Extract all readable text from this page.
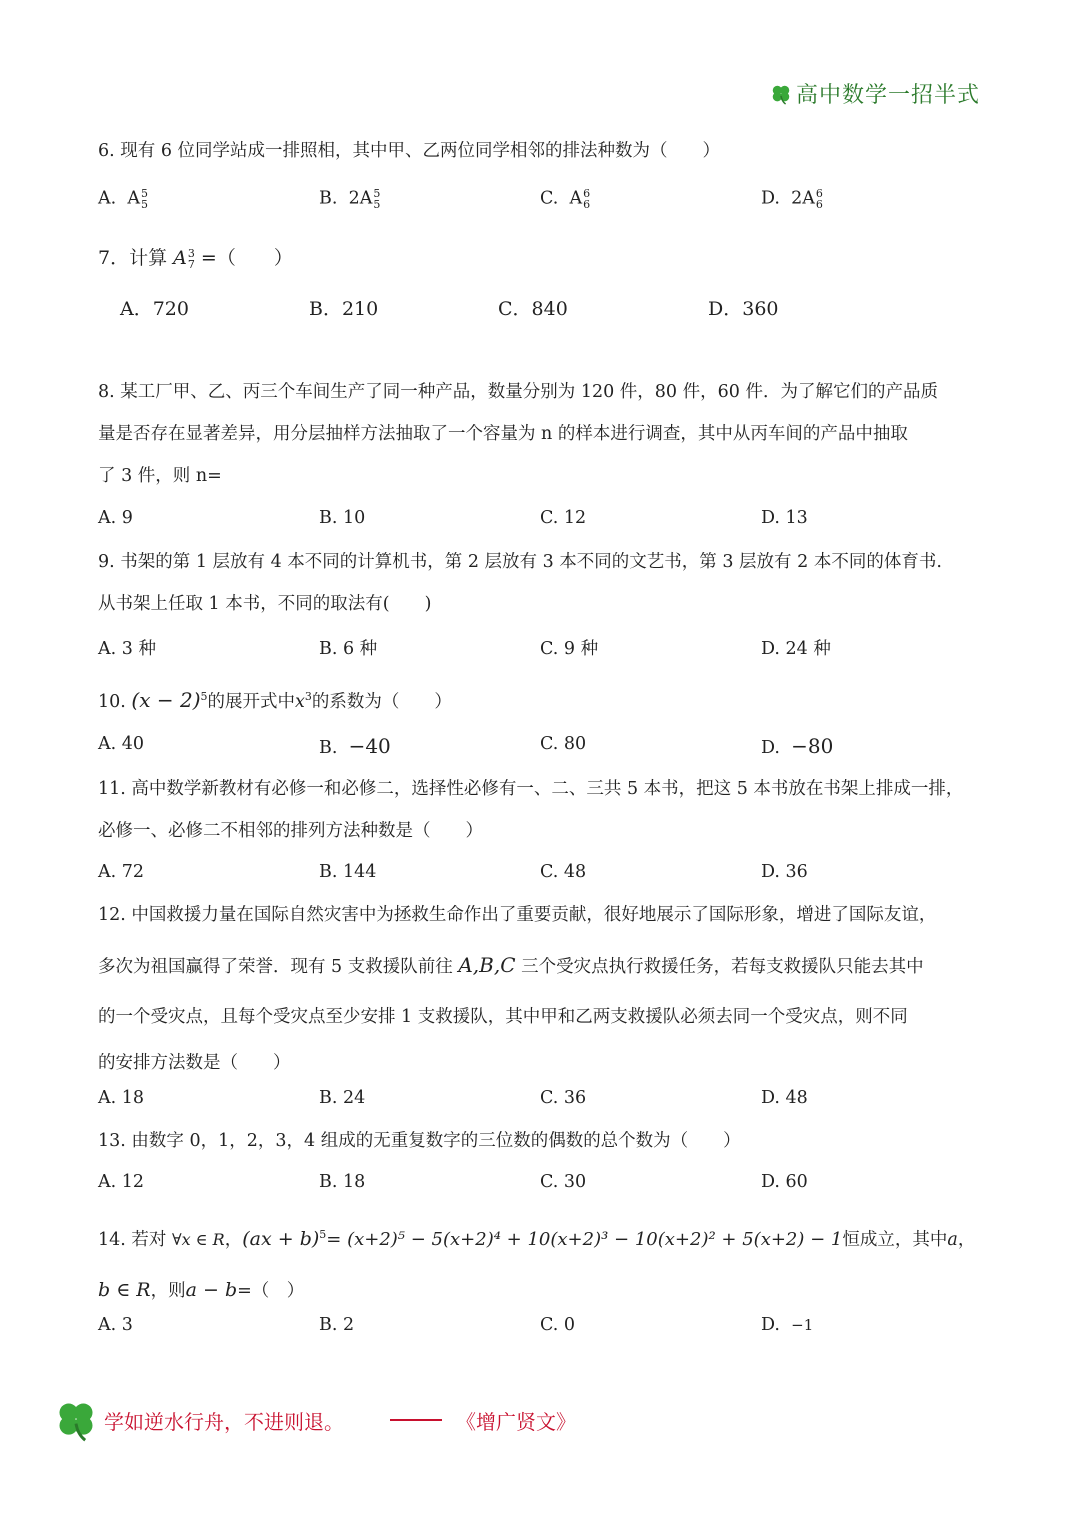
高中数学一招半式
6. 现有 6 位同学站成一排照相，其中甲、乙两位同学相邻的排法种数为（　　）
A. A 5
5	B. 2A 5
5	C. A 6
6	D. 2A 6
6
7．计算 A 3
7 =（　　）
A．720	B．210	C．840	D．360
8. 某工厂甲、乙、丙三个车间生产了同一种产品，数量分别为 120 件，80 件，60 件．为了解它们的产品质
量是否存在显著差异，用分层抽样方法抽取了一个容量为 n 的样本进行调查，其中从丙车间的产品中抽取
了 3 件，则 n=
A. 9	B. 10	C. 12	D. 13
9. 书架的第 1 层放有 4 本不同的计算机书，第 2 层放有 3 本不同的文艺书，第 3 层放有 2 本不同的体育书.
从书架上任取 1 本书，不同的取法有(　　)
A. 3 种	B. 6 种	C. 9 种	D. 24 种
10. $(x - 2)^5$的展开式中$x^3$的系数为（　　）
A. 40	B. −40	C. 80	D. −80
11. 高中数学新教材有必修一和必修二，选择性必修有一、二、三共 5 本书，把这 5 本书放在书架上排成一排，
必修一、必修二不相邻的排列方法种数是（　　）
A. 72	B. 144	C. 48	D. 36
12. 中国救援力量在国际自然灾害中为拯救生命作出了重要贡献，很好地展示了国际形象，增进了国际友谊，
多次为祖国赢得了荣誉．现有 5 支救援队前往 A,B,C 三个受灾点执行救援任务，若每支救援队只能去其中
的一个受灾点，且每个受灾点至少安排 1 支救援队，其中甲和乙两支救援队必须去同一个受灾点，则不同
的安排方法数是（　　）
A. 18	B. 24	C. 36	D. 48
13. 由数字 0，1，2，3，4 组成的无重复数字的三位数的偶数的总个数为（　　）
A. 12	B. 18	C. 30	D. 60
14. 若对 ∀x ∈ R，(ax + b)$^5$= (x+2)⁵ − 5(x+2)⁴ + 10(x+2)³ − 10(x+2)² + 5(x+2) − 1恒成立，其中a，
b ∈ R，则a − b=（　）
A. 3	B. 2	C. 0	D. −1
学如逆水行舟，不进则退。	《增广贤文》
